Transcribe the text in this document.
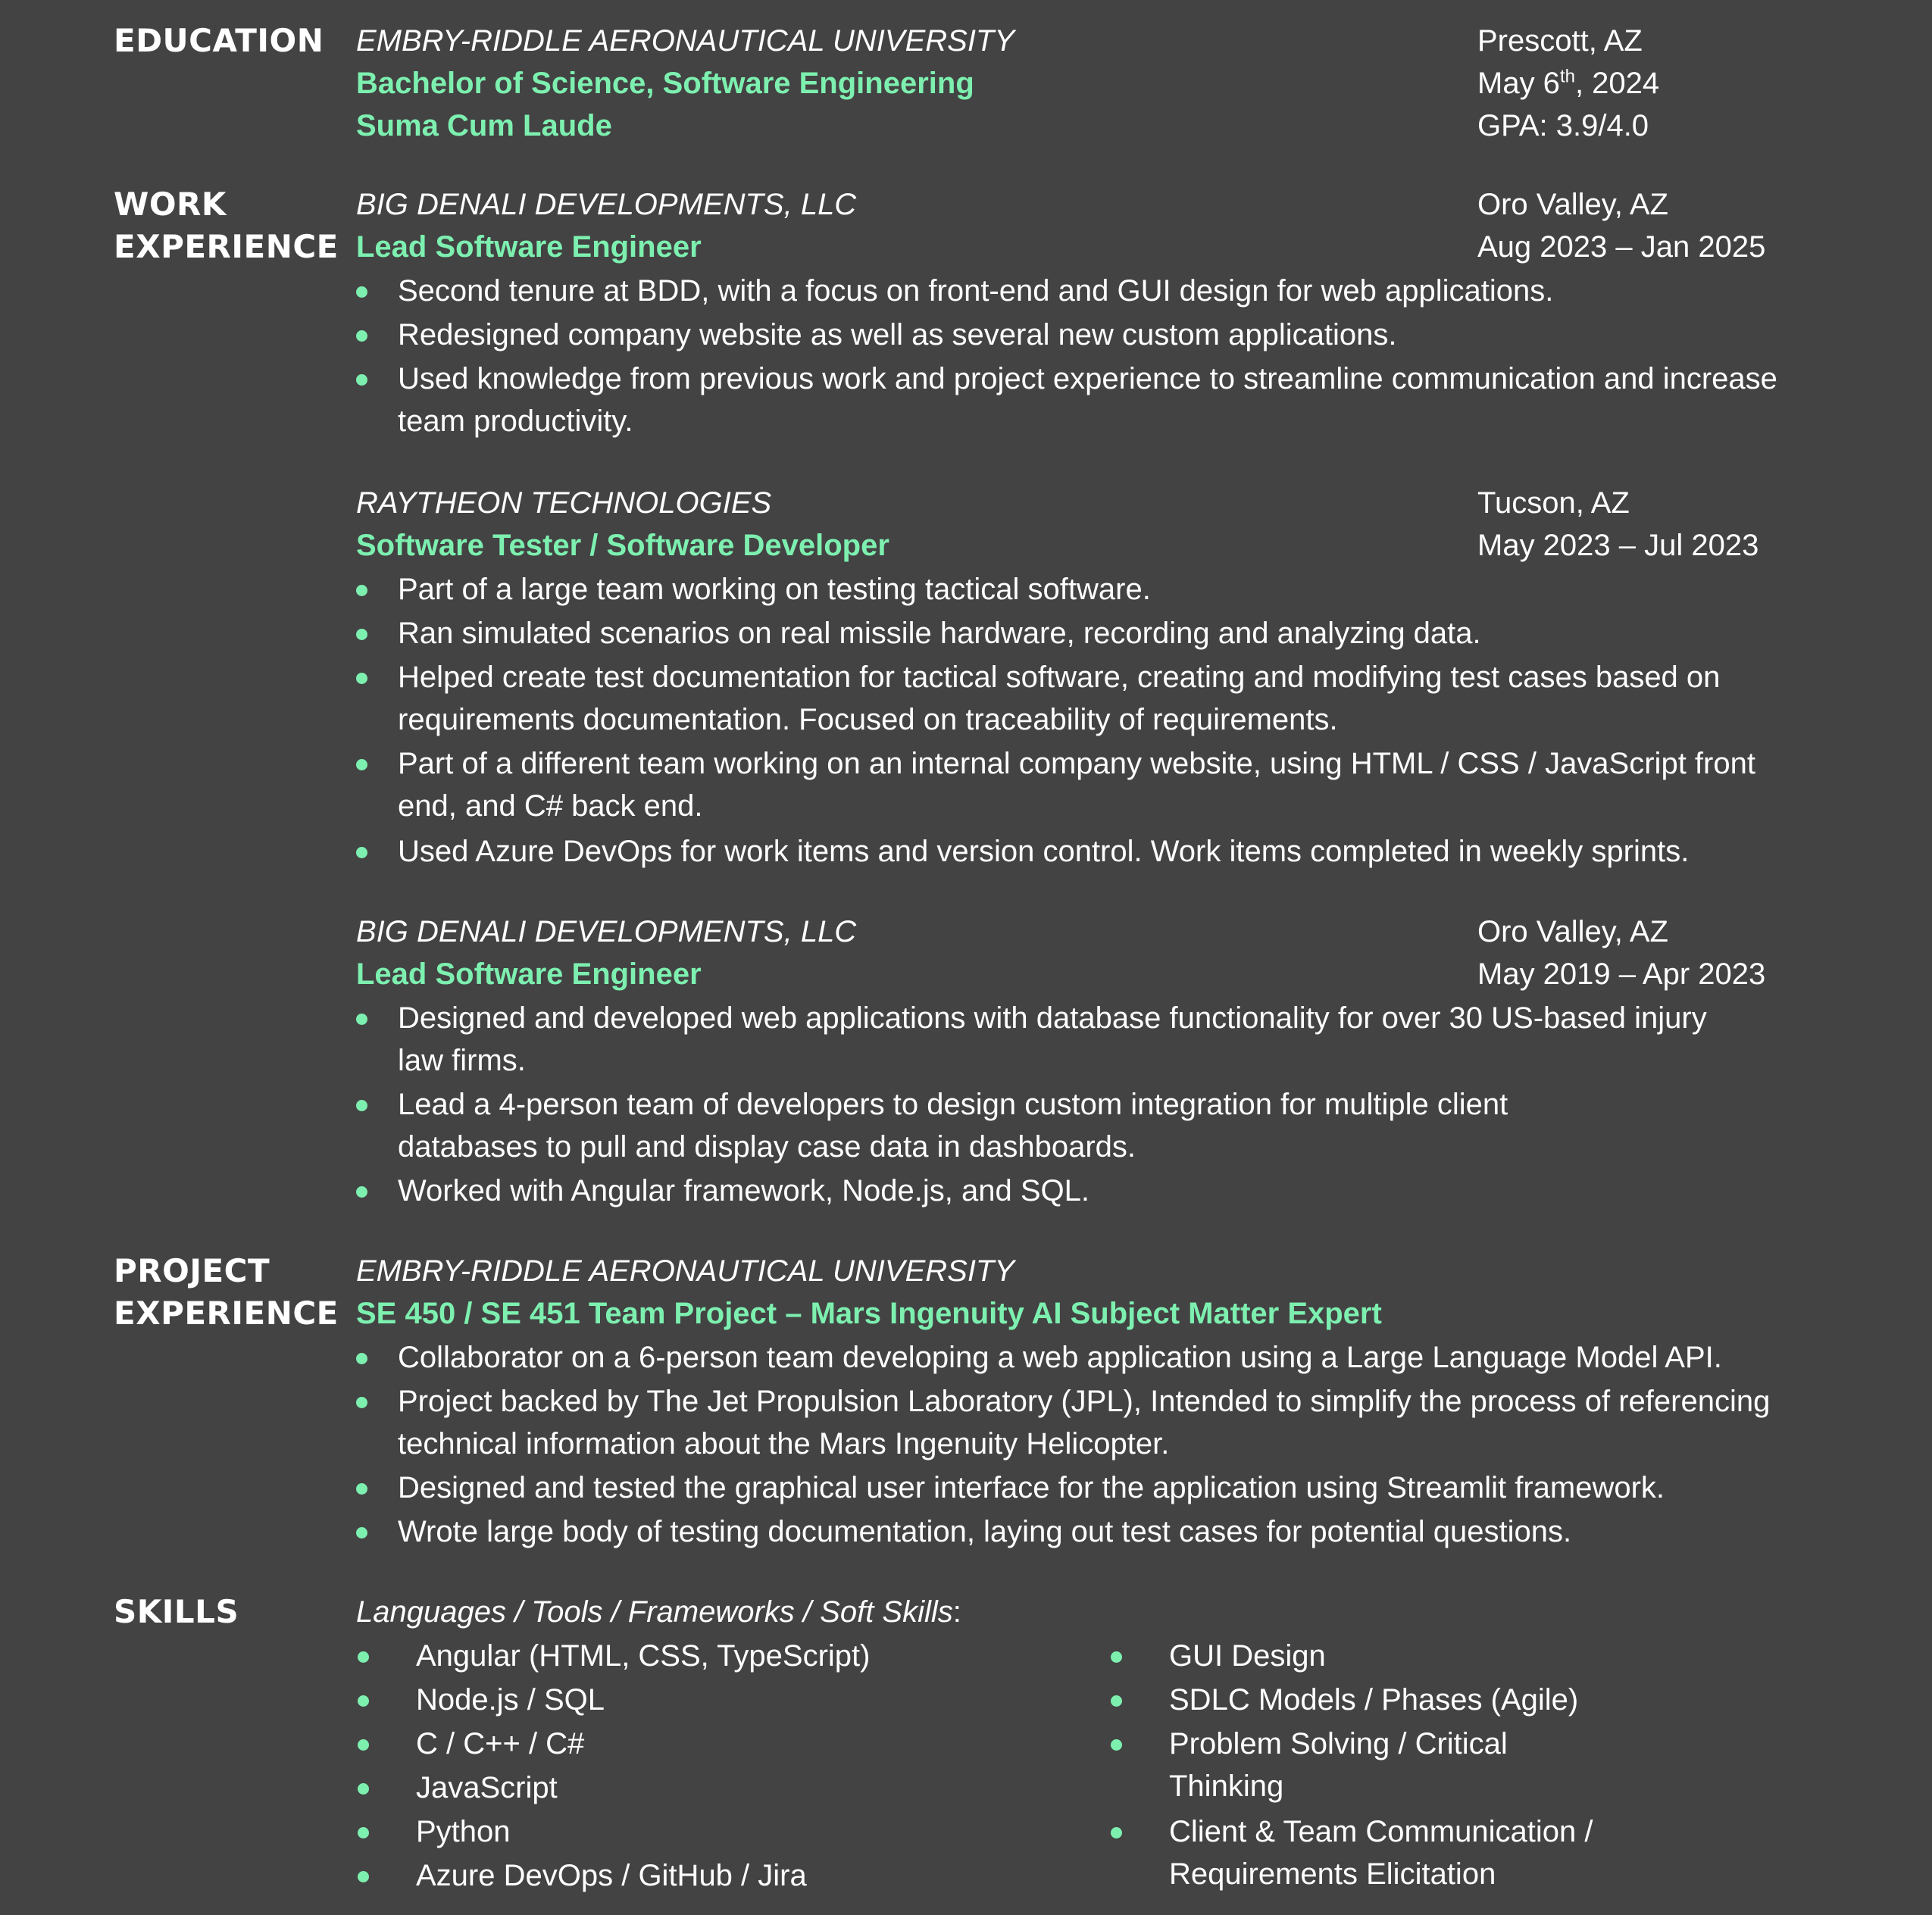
EDUCATION EMBRY-RIDDLE AERONAUTICAL UNIVERSITY	Prescott, AZ
Bachelor of Science, Software Engineering	May 6th, 2024
Suma Cum Laude	GPA: 3.9/4.0
WORK
EXPERIENCE
BIG DENALI DEVELOPMENTS, LLC	Oro Valley, AZ
Lead Software Engineer	Aug 2023 – Jan 2025
Second tenure at BDD, with a focus on front-end and GUI design for web applications.
Redesigned company website as well as several new custom applications.
Used knowledge from previous work and project experience to streamline communication and increase team productivity.
RAYTHEON TECHNOLOGIES	Tucson, AZ
Software Tester / Software Developer	May 2023 – Jul 2023
Part of a large team working on testing tactical software.
Ran simulated scenarios on real missile hardware, recording and analyzing data.
Helped create test documentation for tactical software, creating and modifying test cases based on requirements documentation. Focused on traceability of requirements.
Part of a different team working on an internal company website, using HTML / CSS / JavaScript front end, and C# back end.
Used Azure DevOps for work items and version control. Work items completed in weekly sprints.
BIG DENALI DEVELOPMENTS, LLC	Oro Valley, AZ
Lead Software Engineer	May 2019 – Apr 2023
Designed and developed web applications with database functionality for over 30 US-based injury law firms.
Lead a 4-person team of developers to design custom integration for multiple client databases to pull and display case data in dashboards.
Worked with Angular framework, Node.js, and SQL.
PROJECT
EXPERIENCE
EMBRY-RIDDLE AERONAUTICAL UNIVERSITY
SE 450 / SE 451 Team Project – Mars Ingenuity AI Subject Matter Expert
Collaborator on a 6-person team developing a web application using a Large Language Model API.
Project backed by The Jet Propulsion Laboratory (JPL), Intended to simplify the process of referencing technical information about the Mars Ingenuity Helicopter.
Designed and tested the graphical user interface for the application using Streamlit framework.
Wrote large body of testing documentation, laying out test cases for potential questions.
SKILLS	Languages / Tools / Frameworks / Soft Skills:
Angular (HTML, CSS, TypeScript)
Node.js / SQL
C / C++ / C#
JavaScript
Python
Azure DevOps / GitHub / Jira
GUI Design
SDLC Models / Phases (Agile)
Problem Solving / Critical Thinking
Client & Team Communication / Requirements Elicitation
